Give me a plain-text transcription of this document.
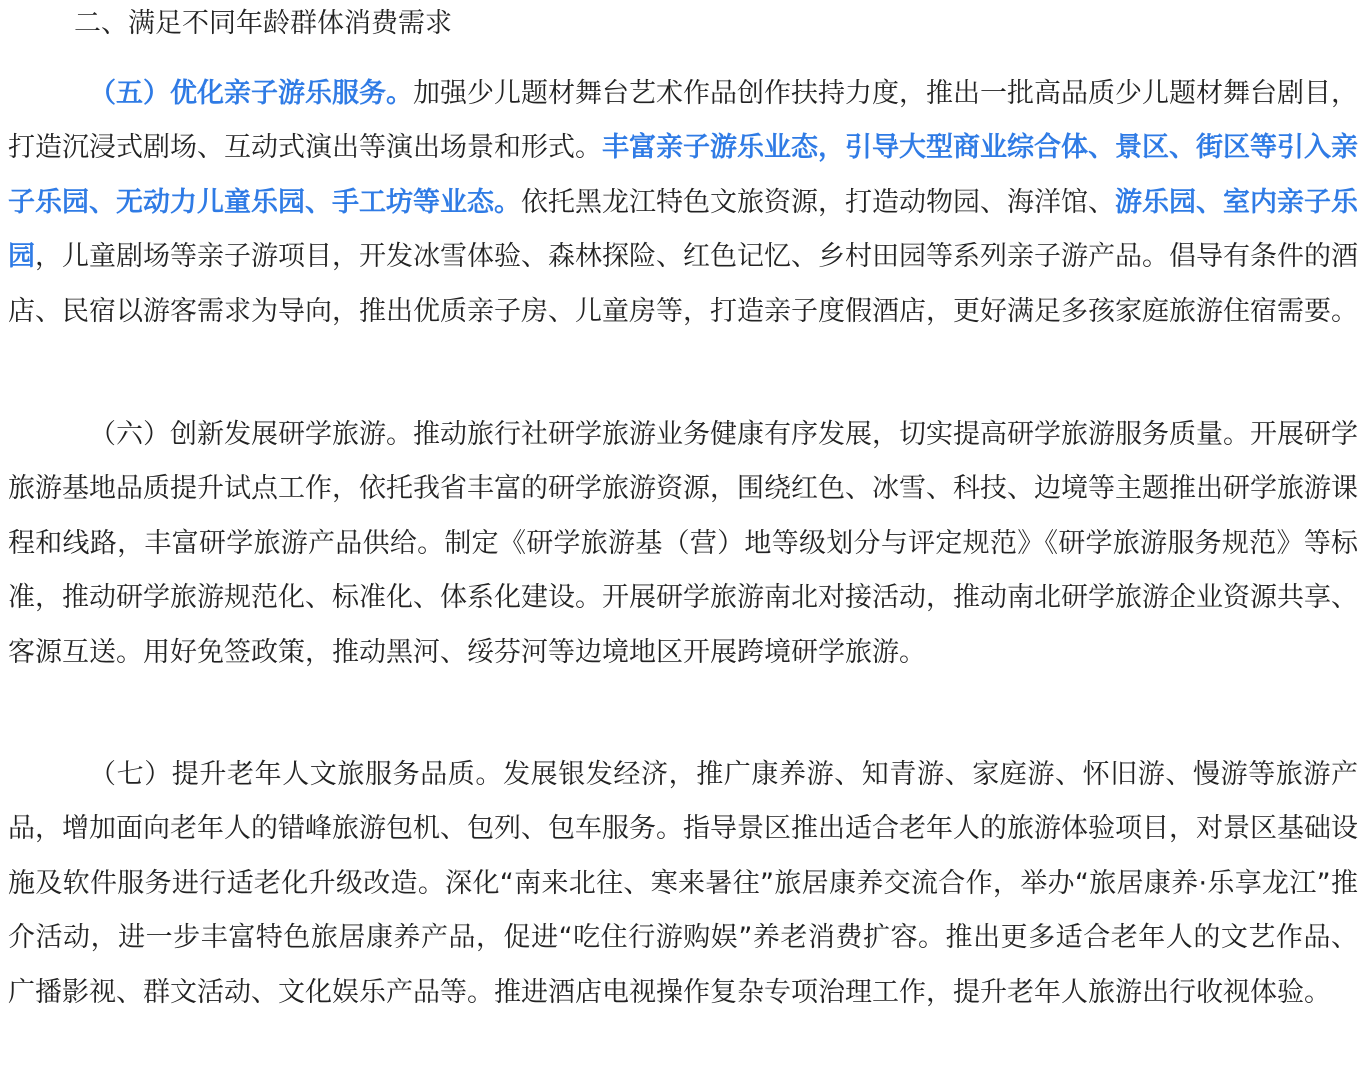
二、满足不同年龄群体消费需求

（五）优化亲子游乐服务。加强少儿题材舞台艺术作品创作扶持力度，推出一批高品质少儿题材舞台剧目，打造沉浸式剧场、互动式演出等演出场景和形式。丰富亲子游乐业态，引导大型商业综合体、景区、街区等引入亲子乐园、无动力儿童乐园、手工坊等业态。依托黑龙江特色文旅资源，打造动物园、海洋馆、游乐园、室内亲子乐园，儿童剧场等亲子游项目，开发冰雪体验、森林探险、红色记忆、乡村田园等系列亲子游产品。倡导有条件的酒店、民宿以游客需求为导向，推出优质亲子房、儿童房等，打造亲子度假酒店，更好满足多孩家庭旅游住宿需要。

（六）创新发展研学旅游。推动旅行社研学旅游业务健康有序发展，切实提高研学旅游服务质量。开展研学旅游基地品质提升试点工作，依托我省丰富的研学旅游资源，围绕红色、冰雪、科技、边境等主题推出研学旅游课程和线路，丰富研学旅游产品供给。制定《研学旅游基（营）地等级划分与评定规范》《研学旅游服务规范》等标准，推动研学旅游规范化、标准化、体系化建设。开展研学旅游南北对接活动，推动南北研学旅游企业资源共享、客源互送。用好免签政策，推动黑河、绥芬河等边境地区开展跨境研学旅游。

（七）提升老年人文旅服务品质。发展银发经济，推广康养游、知青游、家庭游、怀旧游、慢游等旅游产品，增加面向老年人的错峰旅游包机、包列、包车服务。指导景区推出适合老年人的旅游体验项目，对景区基础设施及软件服务进行适老化升级改造。深化“南来北往、寒来暑往”旅居康养交流合作，举办“旅居康养·乐享龙江”推介活动，进一步丰富特色旅居康养产品，促进“吃住行游购娱”养老消费扩容。推出更多适合老年人的文艺作品、广播影视、群文活动、文化娱乐产品等。推进酒店电视操作复杂专项治理工作，提升老年人旅游出行收视体验。
